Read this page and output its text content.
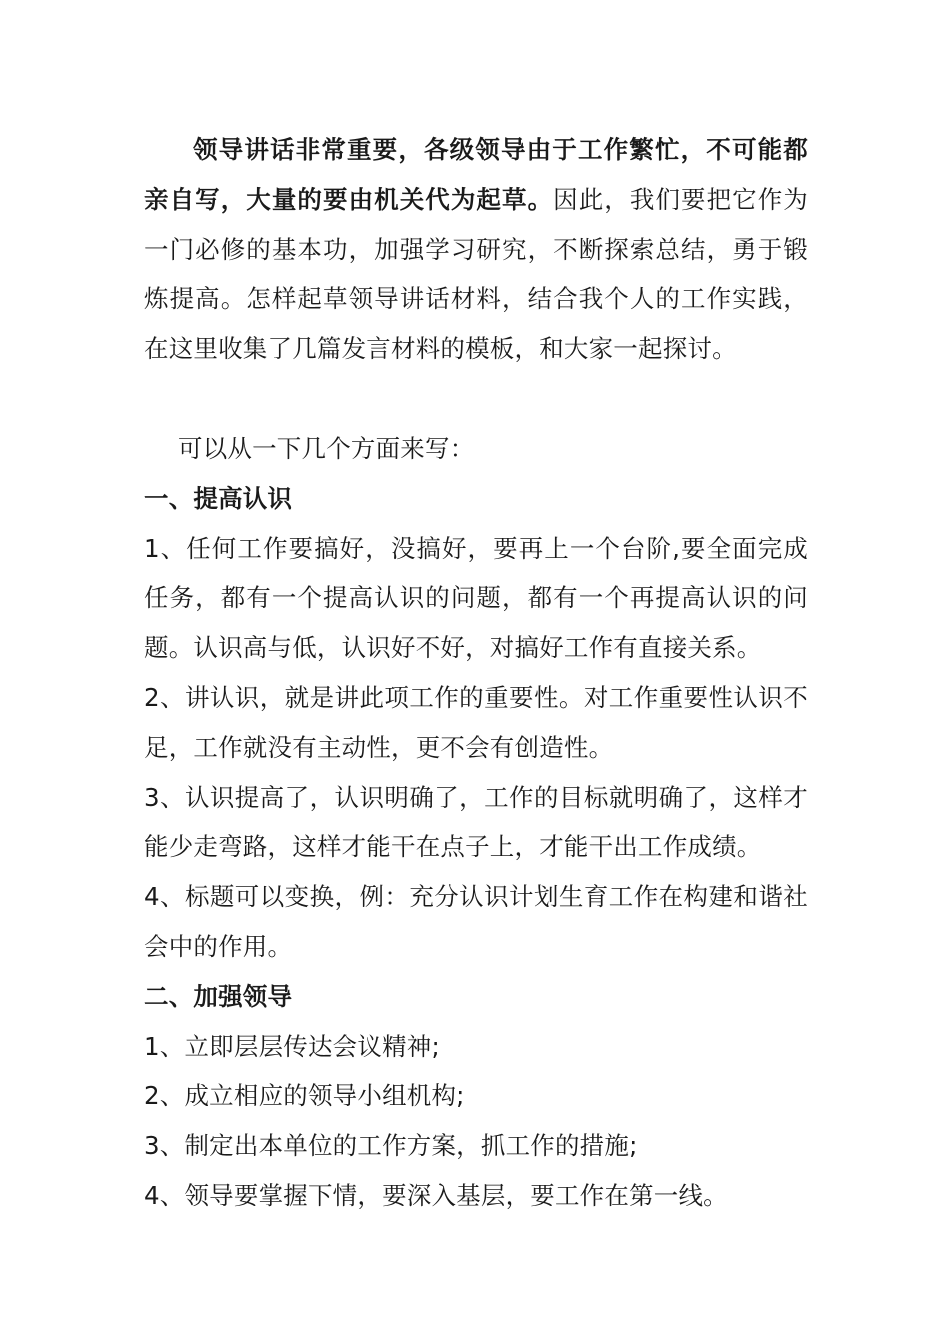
领导讲话非常重要，各级领导由于工作繁忙，不可能都亲自写，大量的要由机关代为起草。因此，我们要把它作为一门必修的基本功，加强学习研究，不断探索总结，勇于锻炼提高。怎样起草领导讲话材料，结合我个人的工作实践，在这里收集了几篇发言材料的模板，和大家一起探讨。

可以从一下几个方面来写：

一、提高认识

1、任何工作要搞好，没搞好，要再上一个台阶,要全面完成任务，都有一个提高认识的问题，都有一个再提高认识的问题。认识高与低，认识好不好，对搞好工作有直接关系。

2、讲认识，就是讲此项工作的重要性。对工作重要性认识不足，工作就没有主动性，更不会有创造性。

3、认识提高了，认识明确了，工作的目标就明确了，这样才能少走弯路，这样才能干在点子上，才能干出工作成绩。

4、标题可以变换，例：充分认识计划生育工作在构建和谐社会中的作用。

二、加强领导

1、立即层层传达会议精神;

2、成立相应的领导小组机构;

3、制定出本单位的工作方案，抓工作的措施;

4、领导要掌握下情，要深入基层，要工作在第一线。
